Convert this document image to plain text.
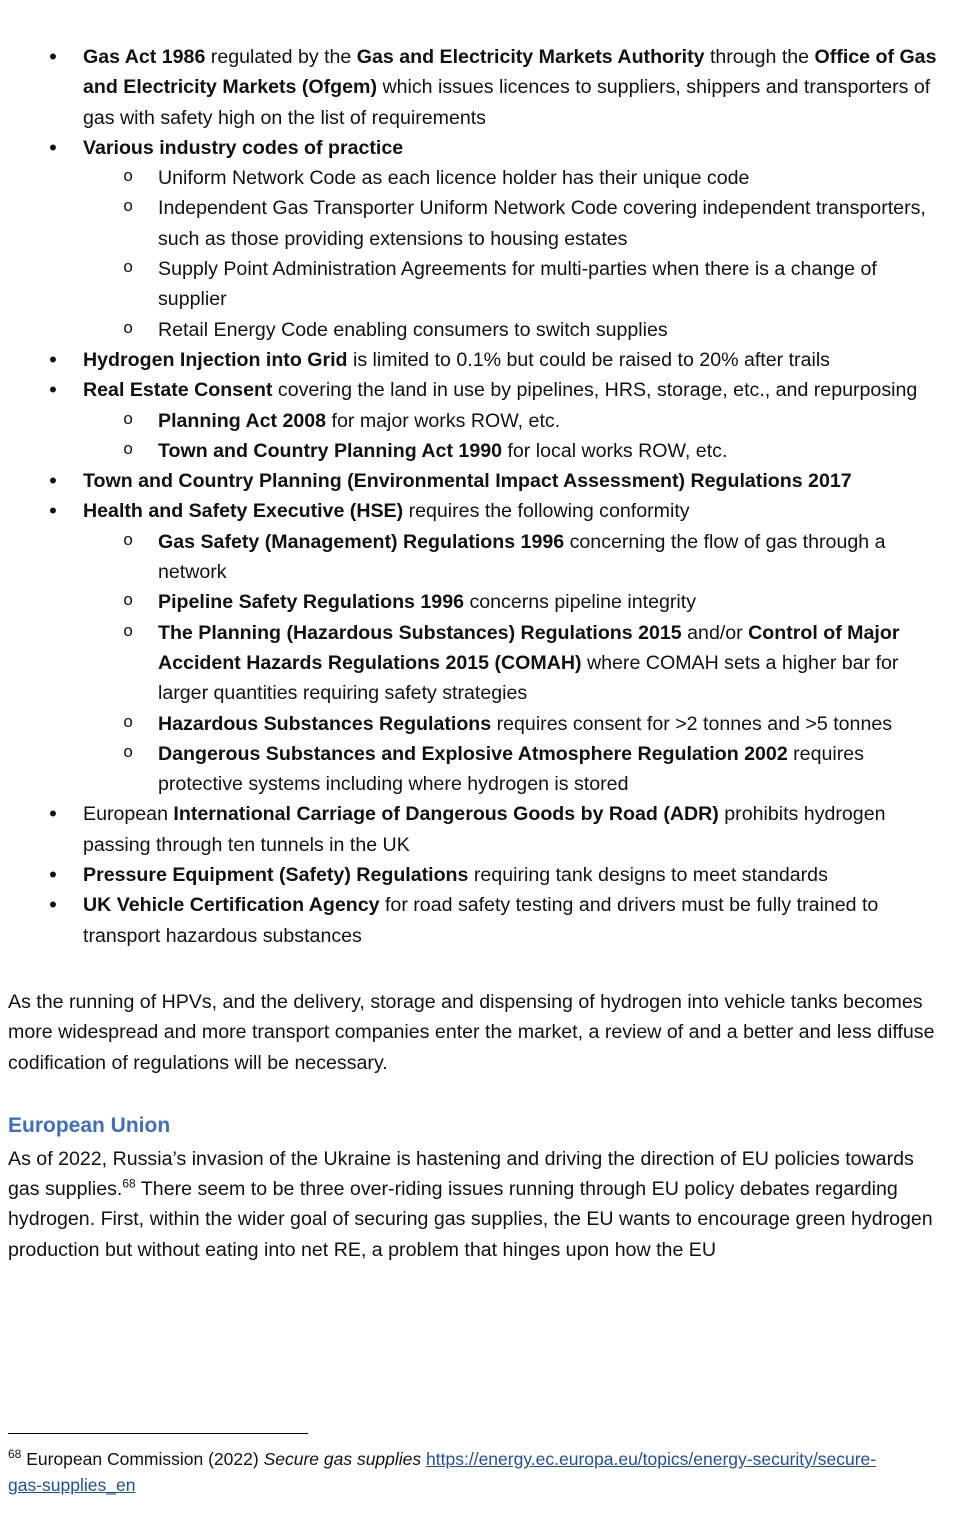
• Gas Act 1986 regulated by the Gas and Electricity Markets Authority through the Office of Gas and Electricity Markets (Ofgem) which issues licences to suppliers, shippers and transporters of gas with safety high on the list of requirements
• Various industry codes of practice
o Uniform Network Code as each licence holder has their unique code
o Independent Gas Transporter Uniform Network Code covering independent transporters, such as those providing extensions to housing estates
o Supply Point Administration Agreements for multi-parties when there is a change of supplier
o Retail Energy Code enabling consumers to switch supplies
• Hydrogen Injection into Grid is limited to 0.1% but could be raised to 20% after trails
• Real Estate Consent covering the land in use by pipelines, HRS, storage, etc., and repurposing
o Planning Act 2008 for major works ROW, etc.
o Town and Country Planning Act 1990 for local works ROW, etc.
• Town and Country Planning (Environmental Impact Assessment) Regulations 2017
• Health and Safety Executive (HSE) requires the following conformity
o Gas Safety (Management) Regulations 1996 concerning the flow of gas through a network
o Pipeline Safety Regulations 1996 concerns pipeline integrity
o The Planning (Hazardous Substances) Regulations 2015 and/or Control of Major Accident Hazards Regulations 2015 (COMAH) where COMAH sets a higher bar for larger quantities requiring safety strategies
o Hazardous Substances Regulations requires consent for >2 tonnes and >5 tonnes
o Dangerous Substances and Explosive Atmosphere Regulation 2002 requires protective systems including where hydrogen is stored
• European International Carriage of Dangerous Goods by Road (ADR) prohibits hydrogen passing through ten tunnels in the UK
• Pressure Equipment (Safety) Regulations requiring tank designs to meet standards
• UK Vehicle Certification Agency for road safety testing and drivers must be fully trained to transport hazardous substances

As the running of HPVs, and the delivery, storage and dispensing of hydrogen into vehicle tanks becomes more widespread and more transport companies enter the market, a review of and a better and less diffuse codification of regulations will be necessary.

European Union

As of 2022, Russia’s invasion of the Ukraine is hastening and driving the direction of EU policies towards gas supplies.$^{68}$ There seem to be three over-riding issues running through EU policy debates regarding hydrogen. First, within the wider goal of securing gas supplies, the EU wants to encourage green hydrogen production but without eating into net RE, a problem that hinges upon how the EU

$^{68}$ European Commission (2022) Secure gas supplies https://energy.ec.europa.eu/topics/energy-security/secure-gas-supplies_en
